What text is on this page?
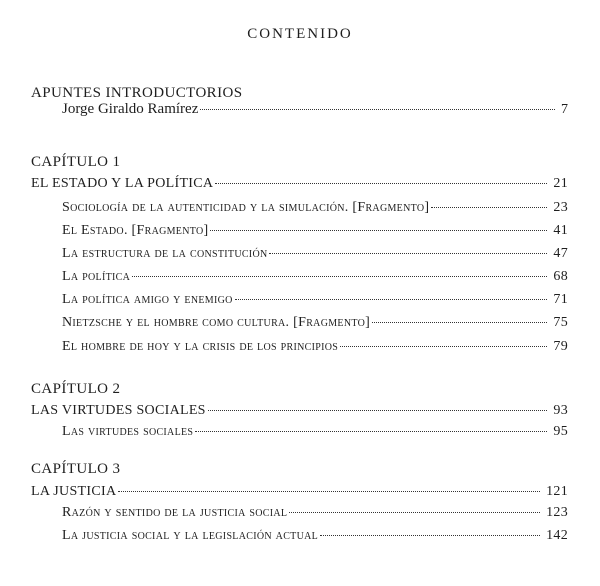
contenido
APUNTES INTRODUCTORIOS
Jorge Giraldo Ramírez	7
CAPÍTULO 1
EL ESTADO Y LA POLÍTICA	21
Sociología de la autenticidad y la simulación. [Fragmento]	23
El Estado. [Fragmento]	41
La estructura de la constitución	47
La política	68
La política amigo y enemigo	71
Nietzsche y el hombre como cultura. [Fragmento]	75
El hombre de hoy y la crisis de los principios	79
CAPÍTULO 2
LAS VIRTUDES SOCIALES	93
Las virtudes sociales	95
CAPÍTULO 3
LA JUSTICIA	121
Razón y sentido de la justicia social	123
La justicia social y la legislación actual	142
